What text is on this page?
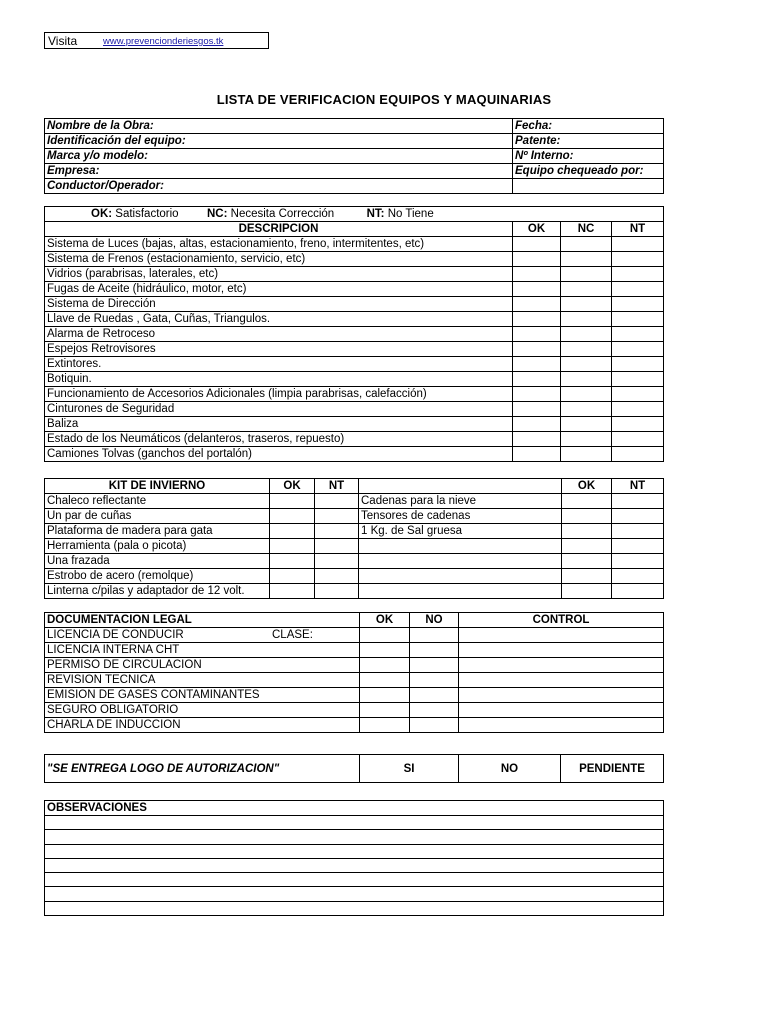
Visita	www.prevencionderiesgos.tk
LISTA DE VERIFICACION EQUIPOS Y MAQUINARIAS
Nombre de la Obra:	Fecha:
Identificación del equipo:	Patente:
Marca y/o modelo:	Nº Interno:
Empresa:	Equipo chequeado por:
Conductor/Operador:	
OK: Satisfactorio NC: Necesita Corrección NT: No Tiene			
DESCRIPCION	OK	NC	NT
Sistema de Luces (bajas, altas, estacionamiento, freno, intermitentes, etc)			
Sistema de Frenos (estacionamiento, servicio, etc)			
Vidrios (parabrisas, laterales, etc)			
Fugas de Aceite (hidráulico, motor, etc)			
Sistema de Dirección			
Llave de Ruedas , Gata, Cuñas, Triangulos.			
Alarma de Retroceso			
Espejos Retrovisores			
Extintores.			
Botiquin.			
Funcionamiento de Accesorios Adicionales (limpia parabrisas, calefacción)			
Cinturones de Seguridad			
Baliza			
Estado de los Neumáticos (delanteros, traseros, repuesto)			
Camiones Tolvas (ganchos del portalón)			
KIT DE INVIERNO	OK	NT		OK	NT
Chaleco reflectante			Cadenas para la nieve		
Un par de cuñas			Tensores de cadenas		
Plataforma de madera para gata			1 Kg. de Sal gruesa		
Herramienta (pala o picota)					
Una frazada					
Estrobo de acero (remolque)					
Linterna c/pilas y adaptador de 12 volt.					
DOCUMENTACION LEGAL	OK	NO	CONTROL
LICENCIA DE CONDUCIR CLASE:			

LICENCIA INTERNA CHT			
PERMISO DE CIRCULACION			
REVISION TECNICA			
EMISION DE GASES CONTAMINANTES			
SEGURO OBLIGATORIO			
CHARLA DE INDUCCION			
"SE ENTREGA LOGO DE AUTORIZACION"	SI	NO	PENDIENTE
OBSERVACIONES
